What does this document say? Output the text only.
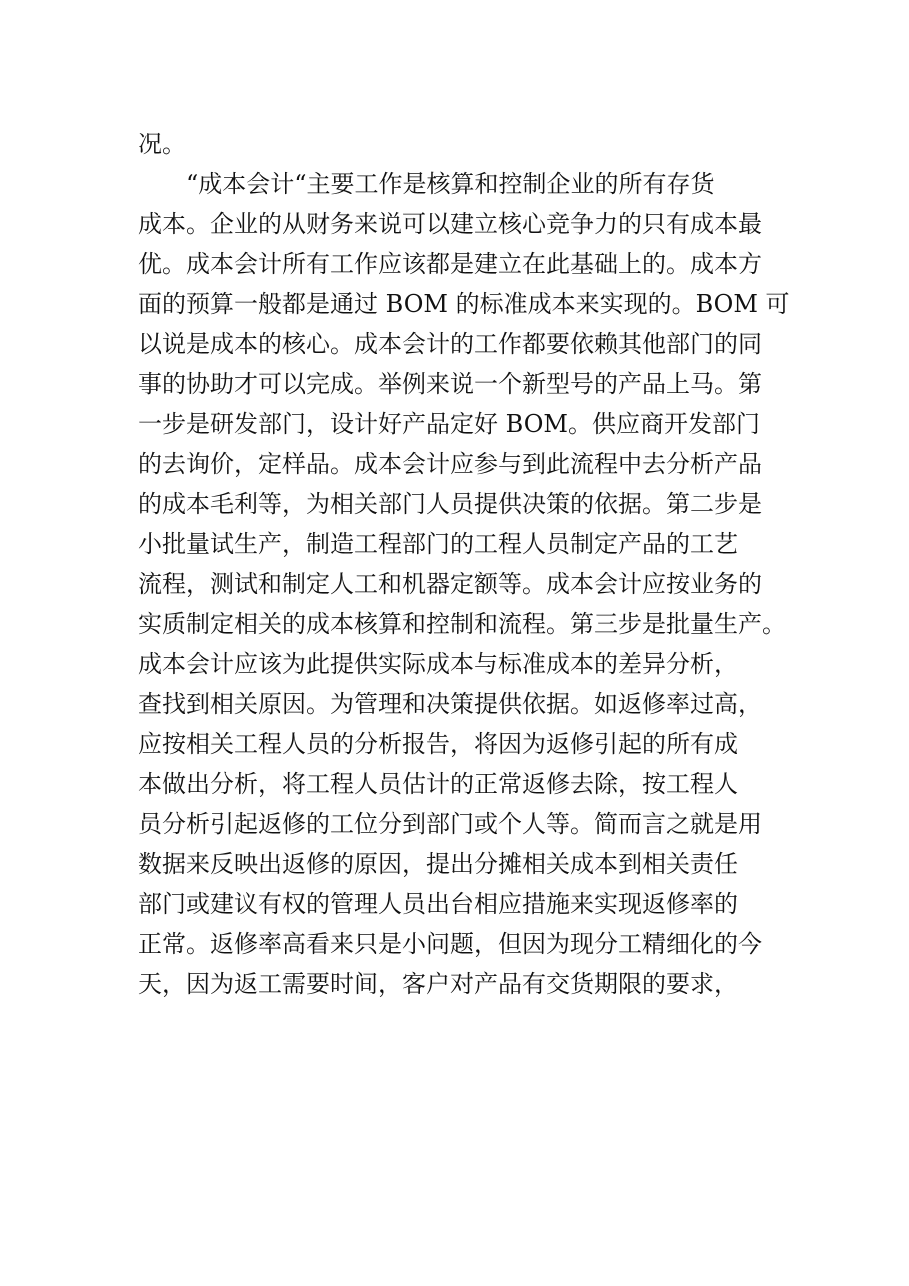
况。
“成本会计“主要工作是核算和控制企业的所有存货
成本。企业的从财务来说可以建立核心竞争力的只有成本最
优。成本会计所有工作应该都是建立在此基础上的。成本方
面的预算一般都是通过 BOM 的标准成本来实现的。BOM 可
以说是成本的核心。成本会计的工作都要依赖其他部门的同
事的协助才可以完成。举例来说一个新型号的产品上马。第
一步是研发部门，设计好产品定好 BOM。供应商开发部门
的去询价，定样品。成本会计应参与到此流程中去分析产品
的成本毛利等，为相关部门人员提供决策的依据。第二步是
小批量试生产，制造工程部门的工程人员制定产品的工艺
流程，测试和制定人工和机器定额等。成本会计应按业务的
实质制定相关的成本核算和控制和流程。第三步是批量生产。
成本会计应该为此提供实际成本与标准成本的差异分析，
查找到相关原因。为管理和决策提供依据。如返修率过高，
应按相关工程人员的分析报告，将因为返修引起的所有成
本做出分析，将工程人员估计的正常返修去除，按工程人
员分析引起返修的工位分到部门或个人等。简而言之就是用
数据来反映出返修的原因，提出分摊相关成本到相关责任
部门或建议有权的管理人员出台相应措施来实现返修率的
正常。返修率高看来只是小问题，但因为现分工精细化的今
天，因为返工需要时间，客户对产品有交货期限的要求，
